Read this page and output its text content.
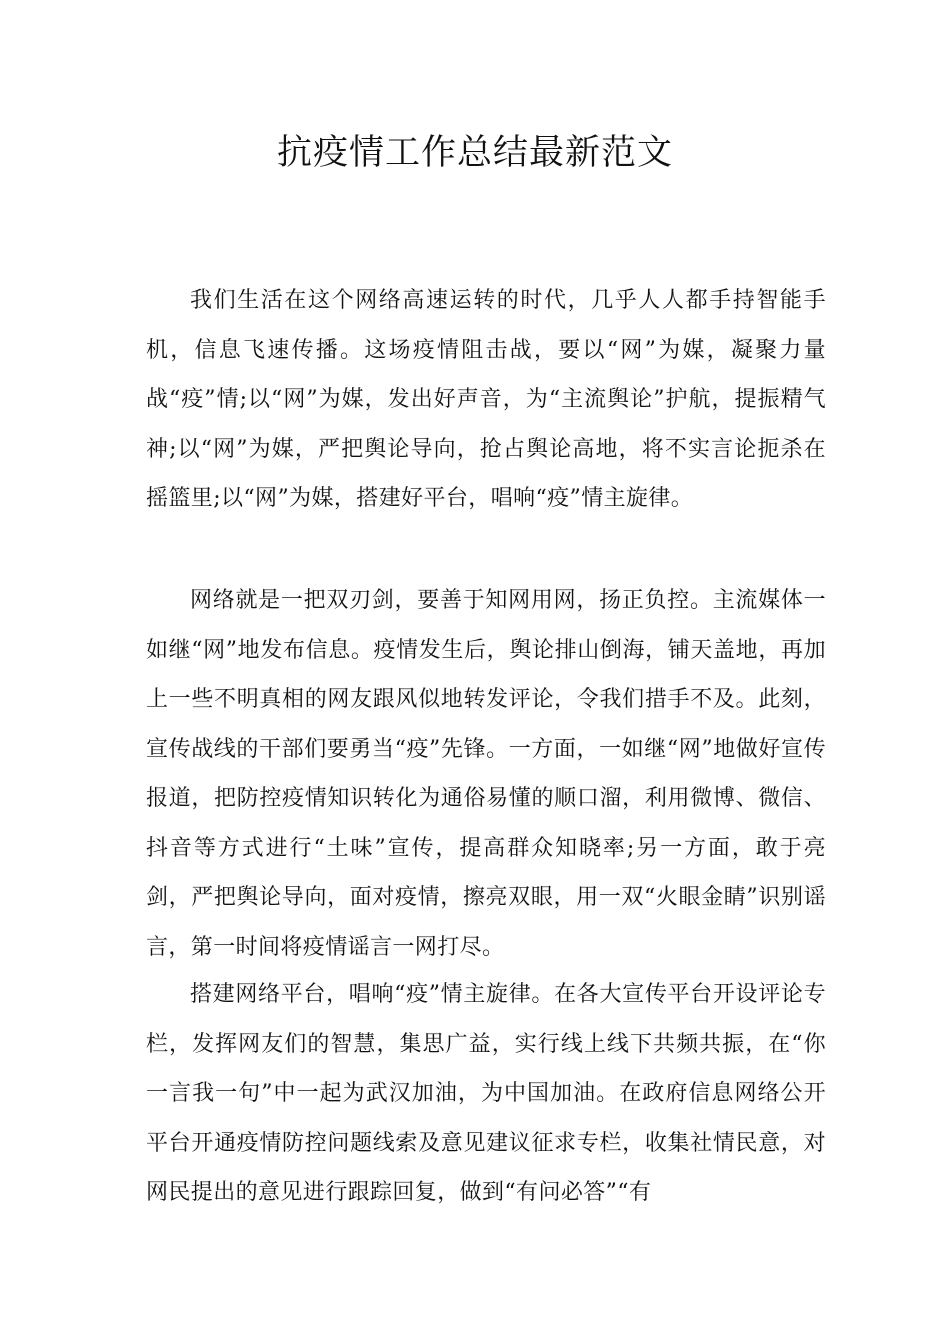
抗疫情工作总结最新范文

我们生活在这个网络高速运转的时代，几乎人人都手持智能手机，信息飞速传播。这场疫情阻击战，要以“网”为媒，凝聚力量战“疫”情;以“网”为媒，发出好声音，为“主流舆论”护航，提振精气神;以“网”为媒，严把舆论导向，抢占舆论高地，将不实言论扼杀在摇篮里;以“网”为媒，搭建好平台，唱响“疫”情主旋律。

网络就是一把双刃剑，要善于知网用网，扬正负控。主流媒体一如继“网”地发布信息。疫情发生后，舆论排山倒海，铺天盖地，再加上一些不明真相的网友跟风似地转发评论，令我们措手不及。此刻，宣传战线的干部们要勇当“疫”先锋。一方面，一如继“网”地做好宣传报道，把防控疫情知识转化为通俗易懂的顺口溜，利用微博、微信、抖音等方式进行“土味”宣传，提高群众知晓率;另一方面，敢于亮剑，严把舆论导向，面对疫情，擦亮双眼，用一双“火眼金睛”识别谣言，第一时间将疫情谣言一网打尽。

搭建网络平台，唱响“疫”情主旋律。在各大宣传平台开设评论专栏，发挥网友们的智慧，集思广益，实行线上线下共频共振，在“你一言我一句”中一起为武汉加油，为中国加油。在政府信息网络公开平台开通疫情防控问题线索及意见建议征求专栏，收集社情民意，对网民提出的意见进行跟踪回复，做到“有问必答”“有
